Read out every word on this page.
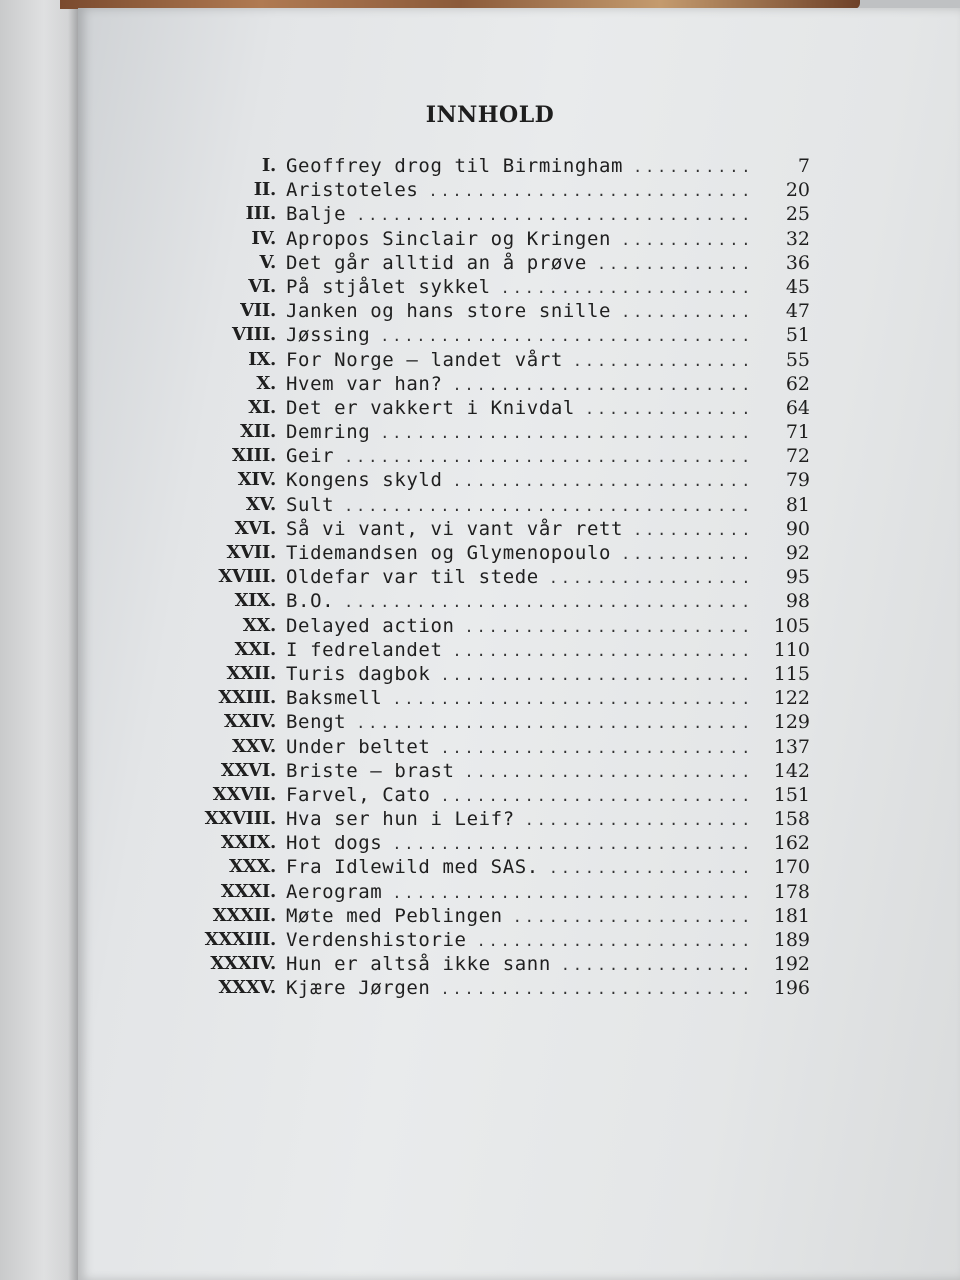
INNHOLD
I. Geoffrey drog til Birmingham .....	7
II. Aristoteles .....	20
III. Balje .....	25
IV. Apropos Sinclair og Kringen .....	32
V. Det går alltid an å prøve .....	36
VI. På stjålet sykkel .....	45
VII. Janken og hans store snille .....	47
VIII. Jøssing .....	51
IX. For Norge — landet vårt .....	55
X. Hvem var han? .....	62
XI. Det er vakkert i Knivdal .....	64
XII. Demring .....	71
XIII. Geir .....	72
XIV. Kongens skyld .....	79
XV. Sult .....	81
XVI. Så vi vant, vi vant vår rett .....	90
XVII. Tidemandsen og Glymenopoulo .....	92
XVIII. Oldefar var til stede .....	95
XIX. B.O. .....	98
XX. Delayed action .....	105
XXI. I fedrelandet .....	110
XXII. Turis dagbok .....	115
XXIII. Baksmell .....	122
XXIV. Bengt .....	129
XXV. Under beltet .....	137
XXVI. Briste — brast .....	142
XXVII. Farvel, Cato .....	151
XXVIII. Hva ser hun i Leif? .....	158
XXIX. Hot dogs .....	162
XXX. Fra Idlewild med SAS. .....	170
XXXI. Aerogram .....	178
XXXII. Møte med Peblingen .....	181
XXXIII. Verdenshistorie .....	189
XXXIV. Hun er altså ikke sann .....	192
XXXV. Kjære Jørgen .....	196
